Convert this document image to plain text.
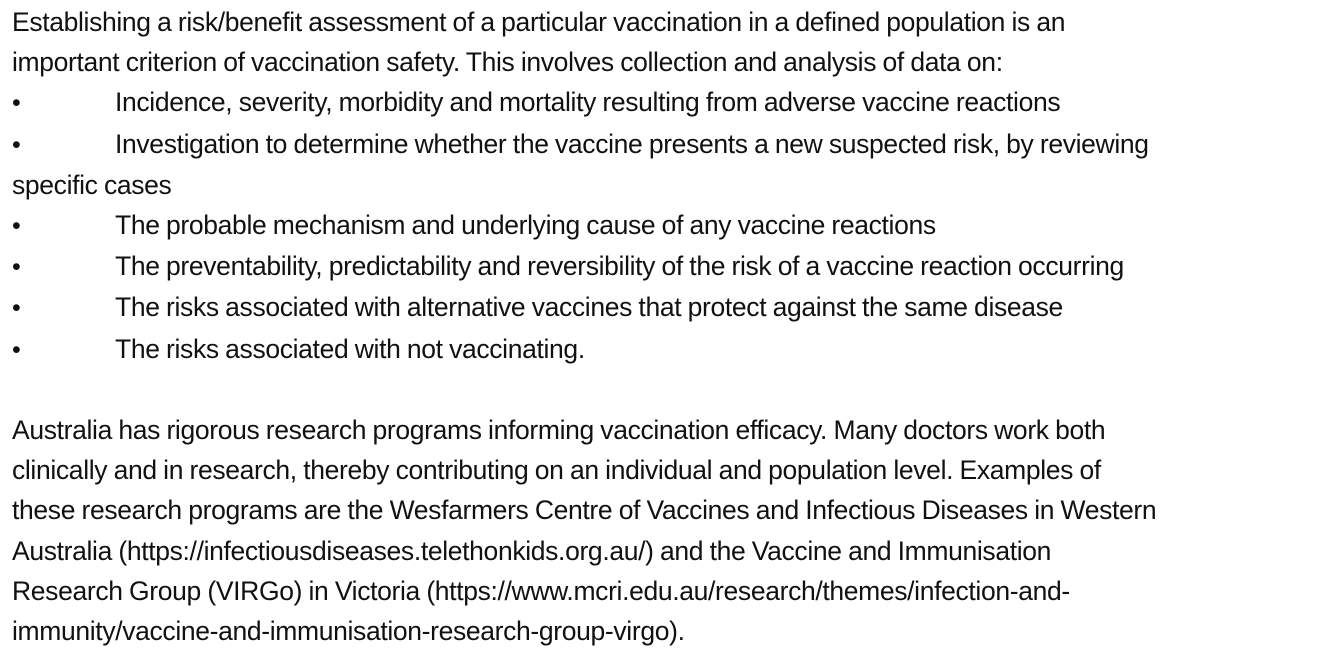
Establishing a risk/benefit assessment of a particular vaccination in a defined population is an
important criterion of vaccination safety. This involves collection and analysis of data on:
•	Incidence, severity, morbidity and mortality resulting from adverse vaccine reactions
•	Investigation to determine whether the vaccine presents a new suspected risk, by reviewing
specific cases
•	The probable mechanism and underlying cause of any vaccine reactions
•	The preventability, predictability and reversibility of the risk of a vaccine reaction occurring
•	The risks associated with alternative vaccines that protect against the same disease
•	The risks associated with not vaccinating.
Australia has rigorous research programs informing vaccination efficacy. Many doctors work both
clinically and in research, thereby contributing on an individual and population level. Examples of
these research programs are the Wesfarmers Centre of Vaccines and Infectious Diseases in Western
Australia (https://infectiousdiseases.telethonkids.org.au/) and the Vaccine and Immunisation
Research Group (VIRGo) in Victoria (https://www.mcri.edu.au/research/themes/infection-and-
immunity/vaccine-and-immunisation-research-group-virgo).
